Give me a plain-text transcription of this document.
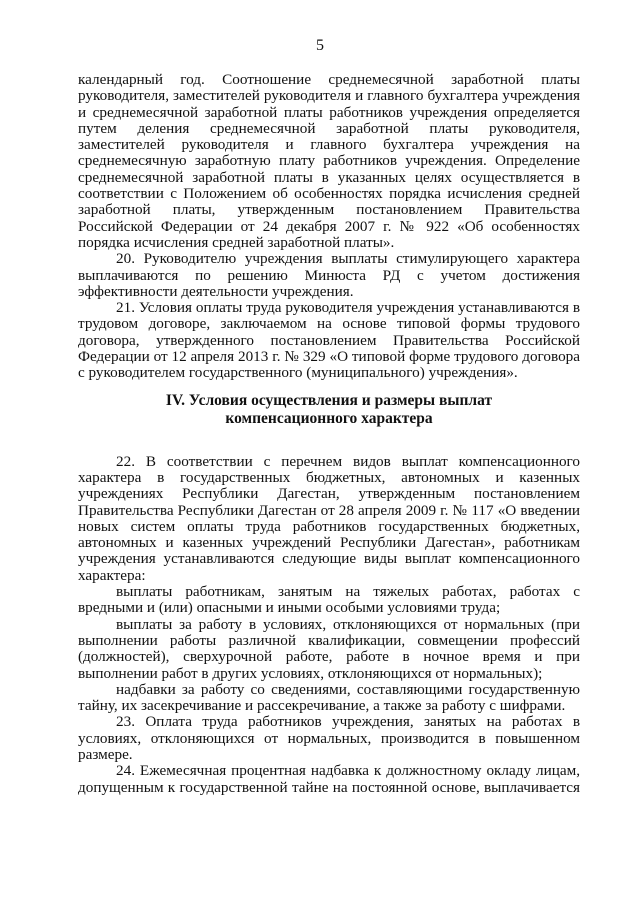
5

календарный год. Соотношение среднемесячной заработной платы руководителя, заместителей руководителя и главного бухгалтера учреждения и среднемесячной заработной платы работников учреждения определяется путем деления среднемесячной заработной платы руководителя, заместителей руководителя и главного бухгалтера учреждения на среднемесячную заработную плату работников учреждения. Определение среднемесячной заработной платы в указанных целях осуществляется в соответствии с Положением об особенностях порядка исчисления средней заработной платы, утвержденным постановлением Правительства Российской Федерации от 24 декабря 2007 г. № 922 «Об особенностях порядка исчисления средней заработной платы».

20. Руководителю учреждения выплаты стимулирующего характера выплачиваются по решению Минюста РД с учетом достижения эффективности деятельности учреждения.

21. Условия оплаты труда руководителя учреждения устанавливаются в трудовом договоре, заключаемом на основе типовой формы трудового договора, утвержденного постановлением Правительства Российской Федерации от 12 апреля 2013 г. № 329 «О типовой форме трудового договора с руководителем государственного (муниципального) учреждения».

IV. Условия осуществления и размеры выплат
компенсационного характера

22. В соответствии с перечнем видов выплат компенсационного характера в государственных бюджетных, автономных и казенных учреждениях Республики Дагестан, утвержденным постановлением Правительства Республики Дагестан от 28 апреля 2009 г. № 117 «О введении новых систем оплаты труда работников государственных бюджетных, автономных и казенных учреждений Республики Дагестан», работникам учреждения устанавливаются следующие виды выплат компенсационного характера:

выплаты работникам, занятым на тяжелых работах, работах с вредными и (или) опасными и иными особыми условиями труда;

выплаты за работу в условиях, отклоняющихся от нормальных (при выполнении работы различной квалификации, совмещении профессий (должностей), сверхурочной работе, работе в ночное время и при выполнении работ в других условиях, отклоняющихся от нормальных);

надбавки за работу со сведениями, составляющими государственную тайну, их засекречивание и рассекречивание, а также за работу с шифрами.

23. Оплата труда работников учреждения, занятых на работах в условиях, отклоняющихся от нормальных, производится в повышенном размере.

24. Ежемесячная процентная надбавка к должностному окладу лицам, допущенным к государственной тайне на постоянной основе, выплачивается
